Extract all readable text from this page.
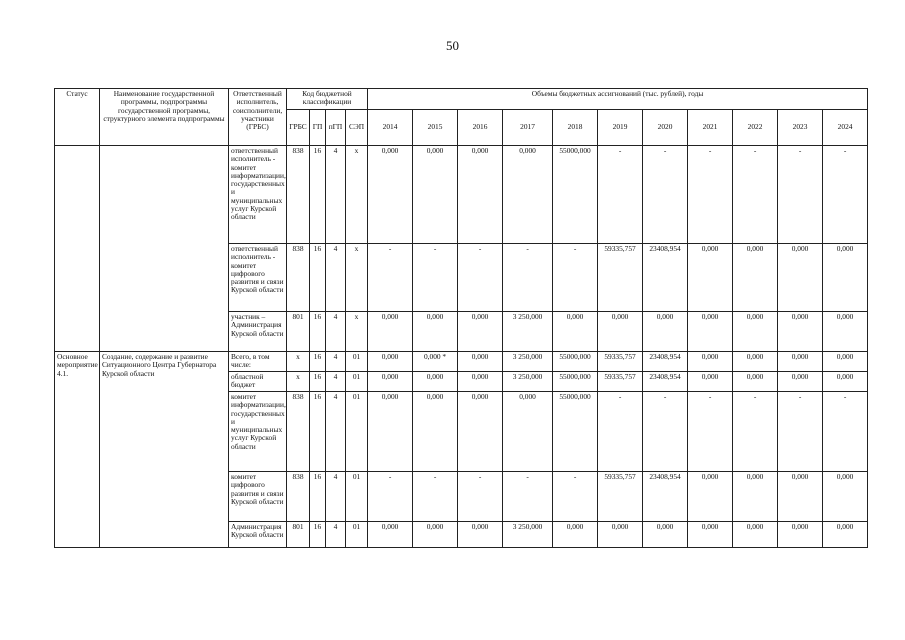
50
Статус	Наименование государственной программы, подпрограммы государственной программы, структурного элемента подпрограммы	Ответственный исполнитель, соисполнители, участники (ГРБС)	Код бюджетной классификации				Объемы бюджетных ассигнований (тыс. рублей), годы										
			ГРБС	ГП	пГП	СЭП	2014	2015	2016	2017	2018	2019	2020	2021	2022	2023	2024
		ответственный исполнитель - комитет информатизации, государственных и муниципальных услуг Курской области	838	16	4	х	0,000	0,000	0,000	0,000	55000,000	-	-	-	-	-	-
		ответственный исполнитель - комитет цифрового развития и связи Курской области	838	16	4	х	-	-	-	-	-	59335,757	23408,954	0,000	0,000	0,000	0,000
		участник – Администрация Курской области	801	16	4	х	0,000	0,000	0,000	3 250,000	0,000	0,000	0,000	0,000	0,000	0,000	0,000
Основное мероприятие 4.1.	Создание, содержание и развитие Ситуационного Центра Губернатора Курской области	Всего, в том числе:	х	16	4	01	0,000	0,000 *	0,000	3 250,000	55000,000	59335,757	23408,954	0,000	0,000	0,000	0,000
		областной бюджет	х	16	4	01	0,000	0,000	0,000	3 250,000	55000,000	59335,757	23408,954	0,000	0,000	0,000	0,000
		комитет информатизации, государственных и муниципальных услуг Курской области	838	16	4	01	0,000	0,000	0,000	0,000	55000,000	-	-	-	-	-	-
		комитет цифрового развития и связи Курской области	838	16	4	01	-	-	-	-	-	59335,757	23408,954	0,000	0,000	0,000	0,000
		Администрация Курской области	801	16	4	01	0,000	0,000	0,000	3 250,000	0,000	0,000	0,000	0,000	0,000	0,000	0,000
